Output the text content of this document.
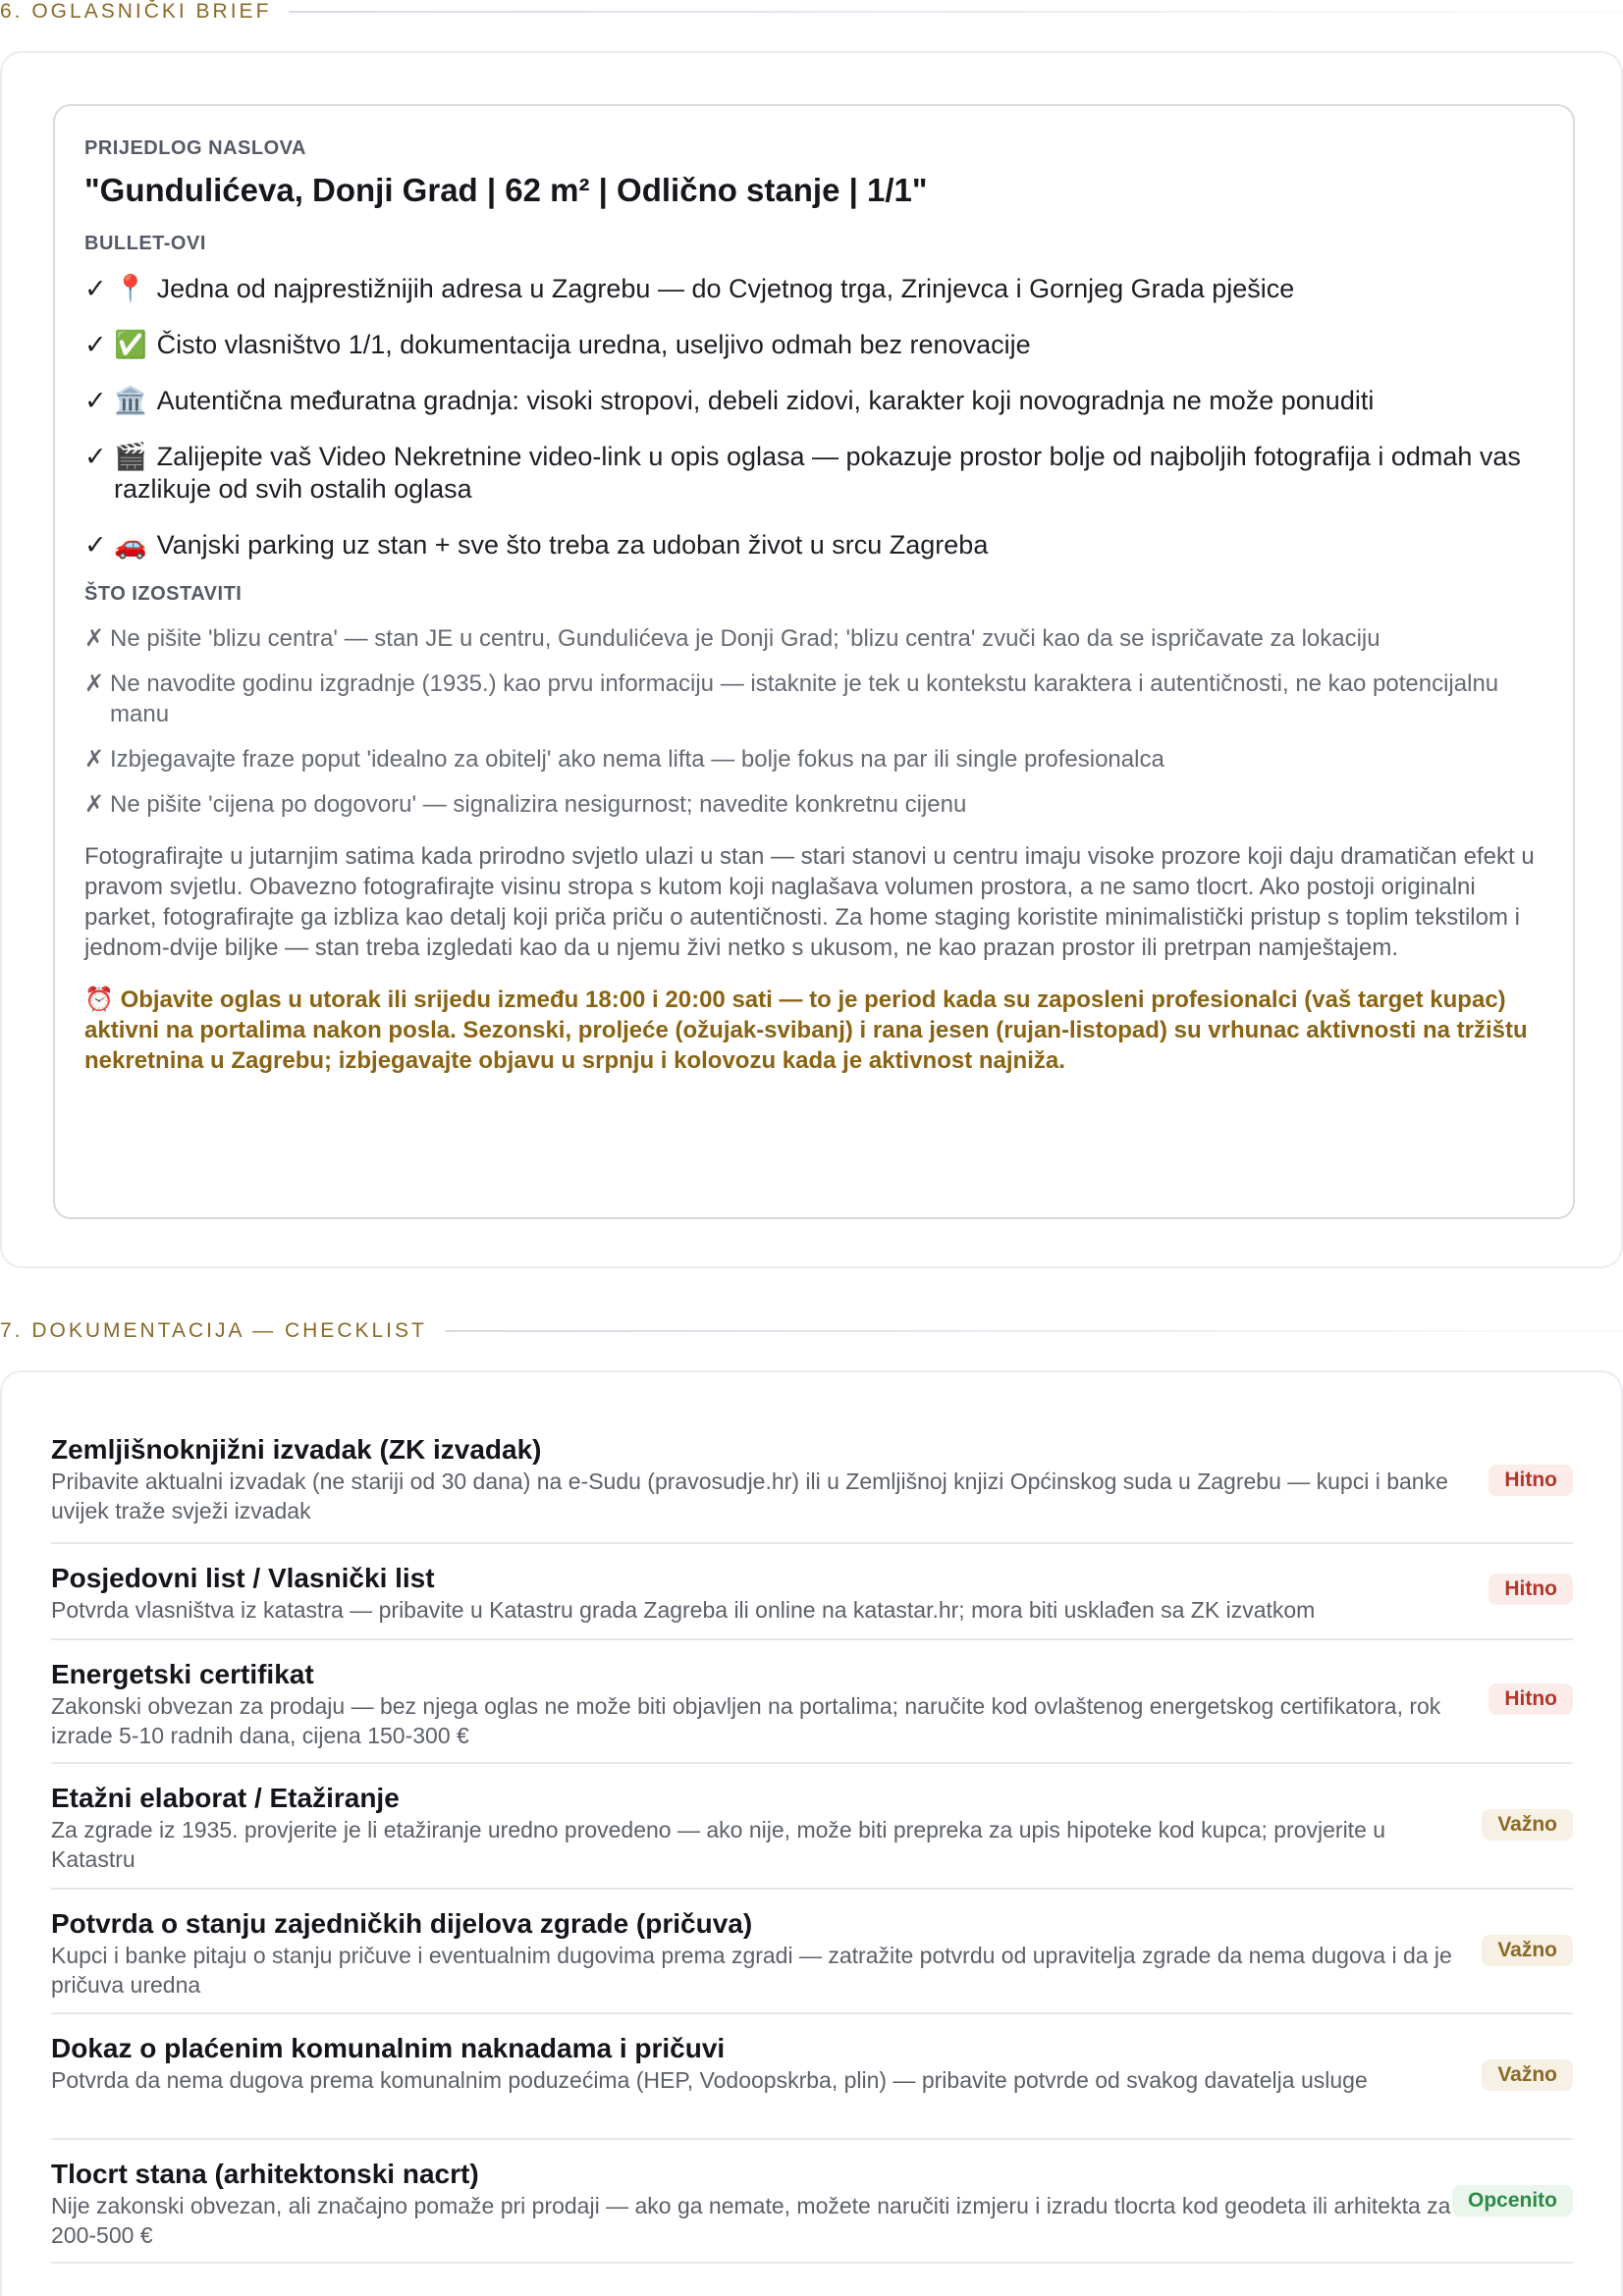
6. OGLASNIČKI BRIEF
PRIJEDLOG NASLOVA
"Gundulićeva, Donji Grad | 62 m² | Odlično stanje | 1/1"
BULLET-OVI
✓ 📍 Jedna od najprestižnijih adresa u Zagrebu — do Cvjetnog trga, Zrinjevca i Gornjeg Grada pješice
✓ ✅ Čisto vlasništvo 1/1, dokumentacija uredna, useljivo odmah bez renovacije
✓ 🏛️ Autentična međuratna gradnja: visoki stropovi, debeli zidovi, karakter koji novogradnja ne može ponuditi
✓ 🎬 Zalijepite vaš Video Nekretnine video-link u opis oglasa — pokazuje prostor bolje od najboljih fotografija i odmah vas razlikuje od svih ostalih oglasa
✓ 🚗 Vanjski parking uz stan + sve što treba za udoban život u srcu Zagreba
ŠTO IZOSTAVITI
✗ Ne pišite 'blizu centra' — stan JE u centru, Gundulićeva je Donji Grad; 'blizu centra' zvuči kao da se ispričavate za lokaciju
✗ Ne navodite godinu izgradnje (1935.) kao prvu informaciju — istaknite je tek u kontekstu karaktera i autentičnosti, ne kao potencijalnu manu
✗ Izbjegavajte fraze poput 'idealno za obitelj' ako nema lifta — bolje fokus na par ili single profesionalca
✗ Ne pišite 'cijena po dogovoru' — signalizira nesigurnost; navedite konkretnu cijenu
Fotografirajte u jutarnjim satima kada prirodno svjetlo ulazi u stan — stari stanovi u centru imaju visoke prozore koji daju dramatičan efekt u pravom svjetlu. Obavezno fotografirajte visinu stropa s kutom koji naglašava volumen prostora, a ne samo tlocrt. Ako postoji originalni parket, fotografirajte ga izbliza kao detalj koji priča priču o autentičnosti. Za home staging koristite minimalistički pristup s toplim tekstilom i jednom-dvije biljke — stan treba izgledati kao da u njemu živi netko s ukusom, ne kao prazan prostor ili pretrpan namještajem.
⏰ Objavite oglas u utorak ili srijedu između 18:00 i 20:00 sati — to je period kada su zaposleni profesionalci (vaš target kupac) aktivni na portalima nakon posla. Sezonski, proljeće (ožujak-svibanj) i rana jesen (rujan-listopad) su vrhunac aktivnosti na tržištu nekretnina u Zagrebu; izbjegavajte objavu u srpnju i kolovozu kada je aktivnost najniža.
7. DOKUMENTACIJA — CHECKLIST
Zemljišnoknjižni izvadak (ZK izvadak)
Pribavite aktualni izvadak (ne stariji od 30 dana) na e-Sudu (pravosudje.hr) ili u Zemljišnoj knjizi Općinskog suda u Zagrebu — kupci i banke uvijek traže svježi izvadak
Hitno
Posjedovni list / Vlasnički list
Potvrda vlasništva iz katastra — pribavite u Katastru grada Zagreba ili online na katastar.hr; mora biti usklađen sa ZK izvatkom
Hitno
Energetski certifikat
Zakonski obvezan za prodaju — bez njega oglas ne može biti objavljen na portalima; naručite kod ovlaštenog energetskog certifikatora, rok izrade 5-10 radnih dana, cijena 150-300 €
Hitno
Etažni elaborat / Etažiranje
Za zgrade iz 1935. provjerite je li etažiranje uredno provedeno — ako nije, može biti prepreka za upis hipoteke kod kupca; provjerite u Katastru
Važno
Potvrda o stanju zajedničkih dijelova zgrade (pričuva)
Kupci i banke pitaju o stanju pričuve i eventualnim dugovima prema zgradi — zatražite potvrdu od upravitelja zgrade da nema dugova i da je pričuva uredna
Važno
Dokaz o plaćenim komunalnim naknadama i pričuvi
Potvrda da nema dugova prema komunalnim poduzećima (HEP, Vodoopskrba, plin) — pribavite potvrde od svakog davatelja usluge	Važno
Tlocrt stana (arhitektonski nacrt)
Nije zakonski obvezan, ali značajno pomaže pri prodaji — ako ga nemate, možete naručiti izmjeru i izradu tlocrta kod geodeta ili arhitekta za 200-500 €
Opcenito
